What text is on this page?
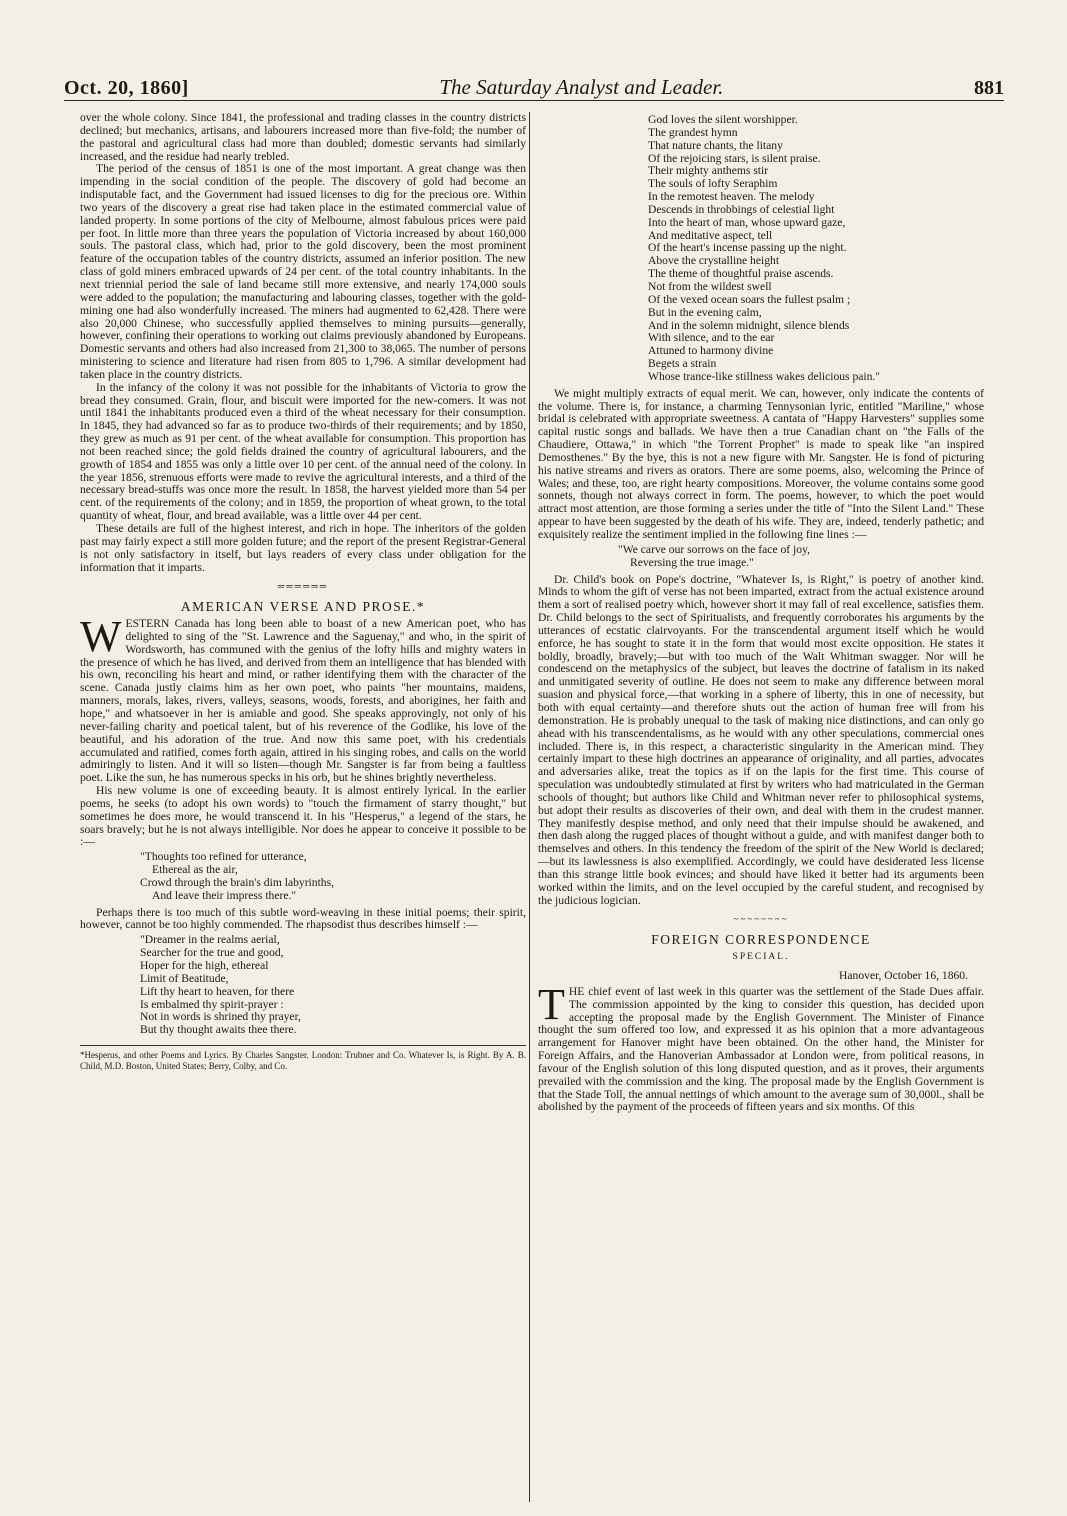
Oct. 20, 1860]	The Saturday Analyst and Leader.	881

over the whole colony. Since 1841, the professional and trading classes in the country districts declined; but mechanics, artisans, and labourers increased more than five-fold; the number of the pastoral and agricultural class had more than doubled; domestic servants had similarly increased, and the residue had nearly trebled.

The period of the census of 1851 is one of the most important. A great change was then impending in the social condition of the people. The discovery of gold had become an indisputable fact, and the Government had issued licenses to dig for the precious ore. Within two years of the discovery a great rise had taken place in the estimated commercial value of landed property. In some portions of the city of Melbourne, almost fabulous prices were paid per foot. In little more than three years the population of Victoria increased by about 160,000 souls. The pastoral class, which had, prior to the gold discovery, been the most prominent feature of the occupation tables of the country districts, assumed an inferior position. The new class of gold miners embraced upwards of 24 per cent. of the total country inhabitants. In the next triennial period the sale of land became still more extensive, and nearly 174,000 souls were added to the population; the manufacturing and labouring classes, together with the gold-mining one had also wonderfully increased. The miners had augmented to 62,428. There were also 20,000 Chinese, who successfully applied themselves to mining pursuits—generally, however, confining their operations to working out claims previously abandoned by Europeans. Domestic servants and others had also increased from 21,300 to 38,065. The number of persons ministering to science and literature had risen from 805 to 1,796. A similar development had taken place in the country districts.

In the infancy of the colony it was not possible for the inhabitants of Victoria to grow the bread they consumed. Grain, flour, and biscuit were imported for the new-comers. It was not until 1841 the inhabitants produced even a third of the wheat necessary for their consumption. In 1845, they had advanced so far as to produce two-thirds of their requirements; and by 1850, they grew as much as 91 per cent. of the wheat available for consumption. This proportion has not been reached since; the gold fields drained the country of agricultural labourers, and the growth of 1854 and 1855 was only a little over 10 per cent. of the annual need of the colony. In the year 1856, strenuous efforts were made to revive the agricultural interests, and a third of the necessary bread-stuffs was once more the result. In 1858, the harvest yielded more than 54 per cent. of the requirements of the colony; and in 1859, the proportion of wheat grown, to the total quantity of wheat, flour, and bread available, was a little over 44 per cent.

These details are full of the highest interest, and rich in hope. The inheritors of the golden past may fairly expect a still more golden future; and the report of the present Registrar-General is not only satisfactory in itself, but lays readers of every class under obligation for the information that it imparts.

══════
AMERICAN VERSE AND PROSE.*

WESTERN Canada has long been able to boast of a new American poet, who has delighted to sing of the "St. Lawrence and the Saguenay," and who, in the spirit of Wordsworth, has communed with the genius of the lofty hills and mighty waters in the presence of which he has lived, and derived from them an intelligence that has blended with his own, reconciling his heart and mind, or rather identifying them with the character of the scene. Canada justly claims him as her own poet, who paints "her mountains, maidens, manners, morals, lakes, rivers, valleys, seasons, woods, forests, and aborigines, her faith and hope," and whatsoever in her is amiable and good. She speaks approvingly, not only of his never-failing charity and poetical talent, but of his reverence of the Godlike, his love of the beautiful, and his adoration of the true. And now this same poet, with his credentials accumulated and ratified, comes forth again, attired in his singing robes, and calls on the world admiringly to listen. And it will so listen—though Mr. Sangster is far from being a faultless poet. Like the sun, he has numerous specks in his orb, but he shines brightly nevertheless.

His new volume is one of exceeding beauty. It is almost entirely lyrical. In the earlier poems, he seeks (to adopt his own words) to "touch the firmament of starry thought," but sometimes he does more, he would transcend it. In his "Hesperus," a legend of the stars, he soars bravely; but he is not always intelligible. Nor does he appear to conceive it possible to be :—

"Thoughts too refined for utterance,
Ethereal as the air,
Crowd through the brain's dim labyrinths,
And leave their impress there."

Perhaps there is too much of this subtle word-weaving in these initial poems; their spirit, however, cannot be too highly commended. The rhapsodist thus describes himself :—

"Dreamer in the realms aerial,
Searcher for the true and good,
Hoper for the high, ethereal
Limit of Beatitude,
Lift thy heart to heaven, for there
Is embalmed thy spirit-prayer :
Not in words is shrined thy prayer,
But thy thought awaits thee there.
*Hesperus, and other Poems and Lyrics. By Charles Sangster. London: Trubner and Co. Whatever Is, is Right. By A. B. Child, M.D. Boston, United States; Berry, Colby, and Co.
God loves the silent worshipper.
The grandest hymn
That nature chants, the litany
Of the rejoicing stars, is silent praise.
Their mighty anthems stir
The souls of lofty Seraphim
In the remotest heaven. The melody
Descends in throbbings of celestial light
Into the heart of man, whose upward gaze,
And meditative aspect, tell
Of the heart's incense passing up the night.
Above the crystalline height
The theme of thoughtful praise ascends.
Not from the wildest swell
Of the vexed ocean soars the fullest psalm ;
But in the evening calm,
And in the solemn midnight, silence blends
With silence, and to the ear
Attuned to harmony divine
Begets a strain
Whose trance-like stillness wakes delicious pain."

We might multiply extracts of equal merit. We can, however, only indicate the contents of the volume. There is, for instance, a charming Tennysonian lyric, entitled "Mariline," whose bridal is celebrated with appropriate sweetness. A cantata of "Happy Harvesters" supplies some capital rustic songs and ballads. We have then a true Canadian chant on "the Falls of the Chaudiere, Ottawa," in which "the Torrent Prophet" is made to speak like "an inspired Demosthenes." By the bye, this is not a new figure with Mr. Sangster. He is fond of picturing his native streams and rivers as orators. There are some poems, also, welcoming the Prince of Wales; and these, too, are right hearty compositions. Moreover, the volume contains some good sonnets, though not always correct in form. The poems, however, to which the poet would attract most attention, are those forming a series under the title of "Into the Silent Land." These appear to have been suggested by the death of his wife. They are, indeed, tenderly pathetic; and exquisitely realize the sentiment implied in the following fine lines :—

"We carve our sorrows on the face of joy,
Reversing the true image."

Dr. Child's book on Pope's doctrine, "Whatever Is, is Right," is poetry of another kind. Minds to whom the gift of verse has not been imparted, extract from the actual existence around them a sort of realised poetry which, however short it may fall of real excellence, satisfies them. Dr. Child belongs to the sect of Spiritualists, and frequently corroborates his arguments by the utterances of ecstatic clairvoyants. For the transcendental argument itself which he would enforce, he has sought to state it in the form that would most excite opposition. He states it boldly, broadly, bravely;—but with too much of the Walt Whitman swagger. Nor will he condescend on the metaphysics of the subject, but leaves the doctrine of fatalism in its naked and unmitigated severity of outline. He does not seem to make any difference between moral suasion and physical force,—that working in a sphere of liberty, this in one of necessity, but both with equal certainty—and therefore shuts out the action of human free will from his demonstration. He is probably unequal to the task of making nice distinctions, and can only go ahead with his transcendentalisms, as he would with any other speculations, commercial ones included. There is, in this respect, a characteristic singularity in the American mind. They certainly impart to these high doctrines an appearance of originality, and all parties, advocates and adversaries alike, treat the topics as if on the lapis for the first time. This course of speculation was undoubtedly stimulated at first by writers who had matriculated in the German schools of thought; but authors like Child and Whitman never refer to philosophical systems, but adopt their results as discoveries of their own, and deal with them in the crudest manner. They manifestly despise method, and only need that their impulse should be awakened, and then dash along the rugged places of thought without a guide, and with manifest danger both to themselves and others. In this tendency the freedom of the spirit of the New World is declared;—but its lawlessness is also exemplified. Accordingly, we could have desiderated less license than this strange little book evinces; and should have liked it better had its arguments been worked within the limits, and on the level occupied by the careful student, and recognised by the judicious logician.

~~~~~~~~
FOREIGN CORRESPONDENCE
SPECIAL.
Hanover, October 16, 1860.

THE chief event of last week in this quarter was the settlement of the Stade Dues affair. The commission appointed by the king to consider this question, has decided upon accepting the proposal made by the English Government. The Minister of Finance thought the sum offered too low, and expressed it as his opinion that a more advantageous arrangement for Hanover might have been obtained. On the other hand, the Minister for Foreign Affairs, and the Hanoverian Ambassador at London were, from political reasons, in favour of the English solution of this long disputed question, and as it proves, their arguments prevailed with the commission and the king. The proposal made by the English Government is that the Stade Toll, the annual nettings of which amount to the average sum of 30,000l., shall be abolished by the payment of the proceeds of fifteen years and six months. Of this
